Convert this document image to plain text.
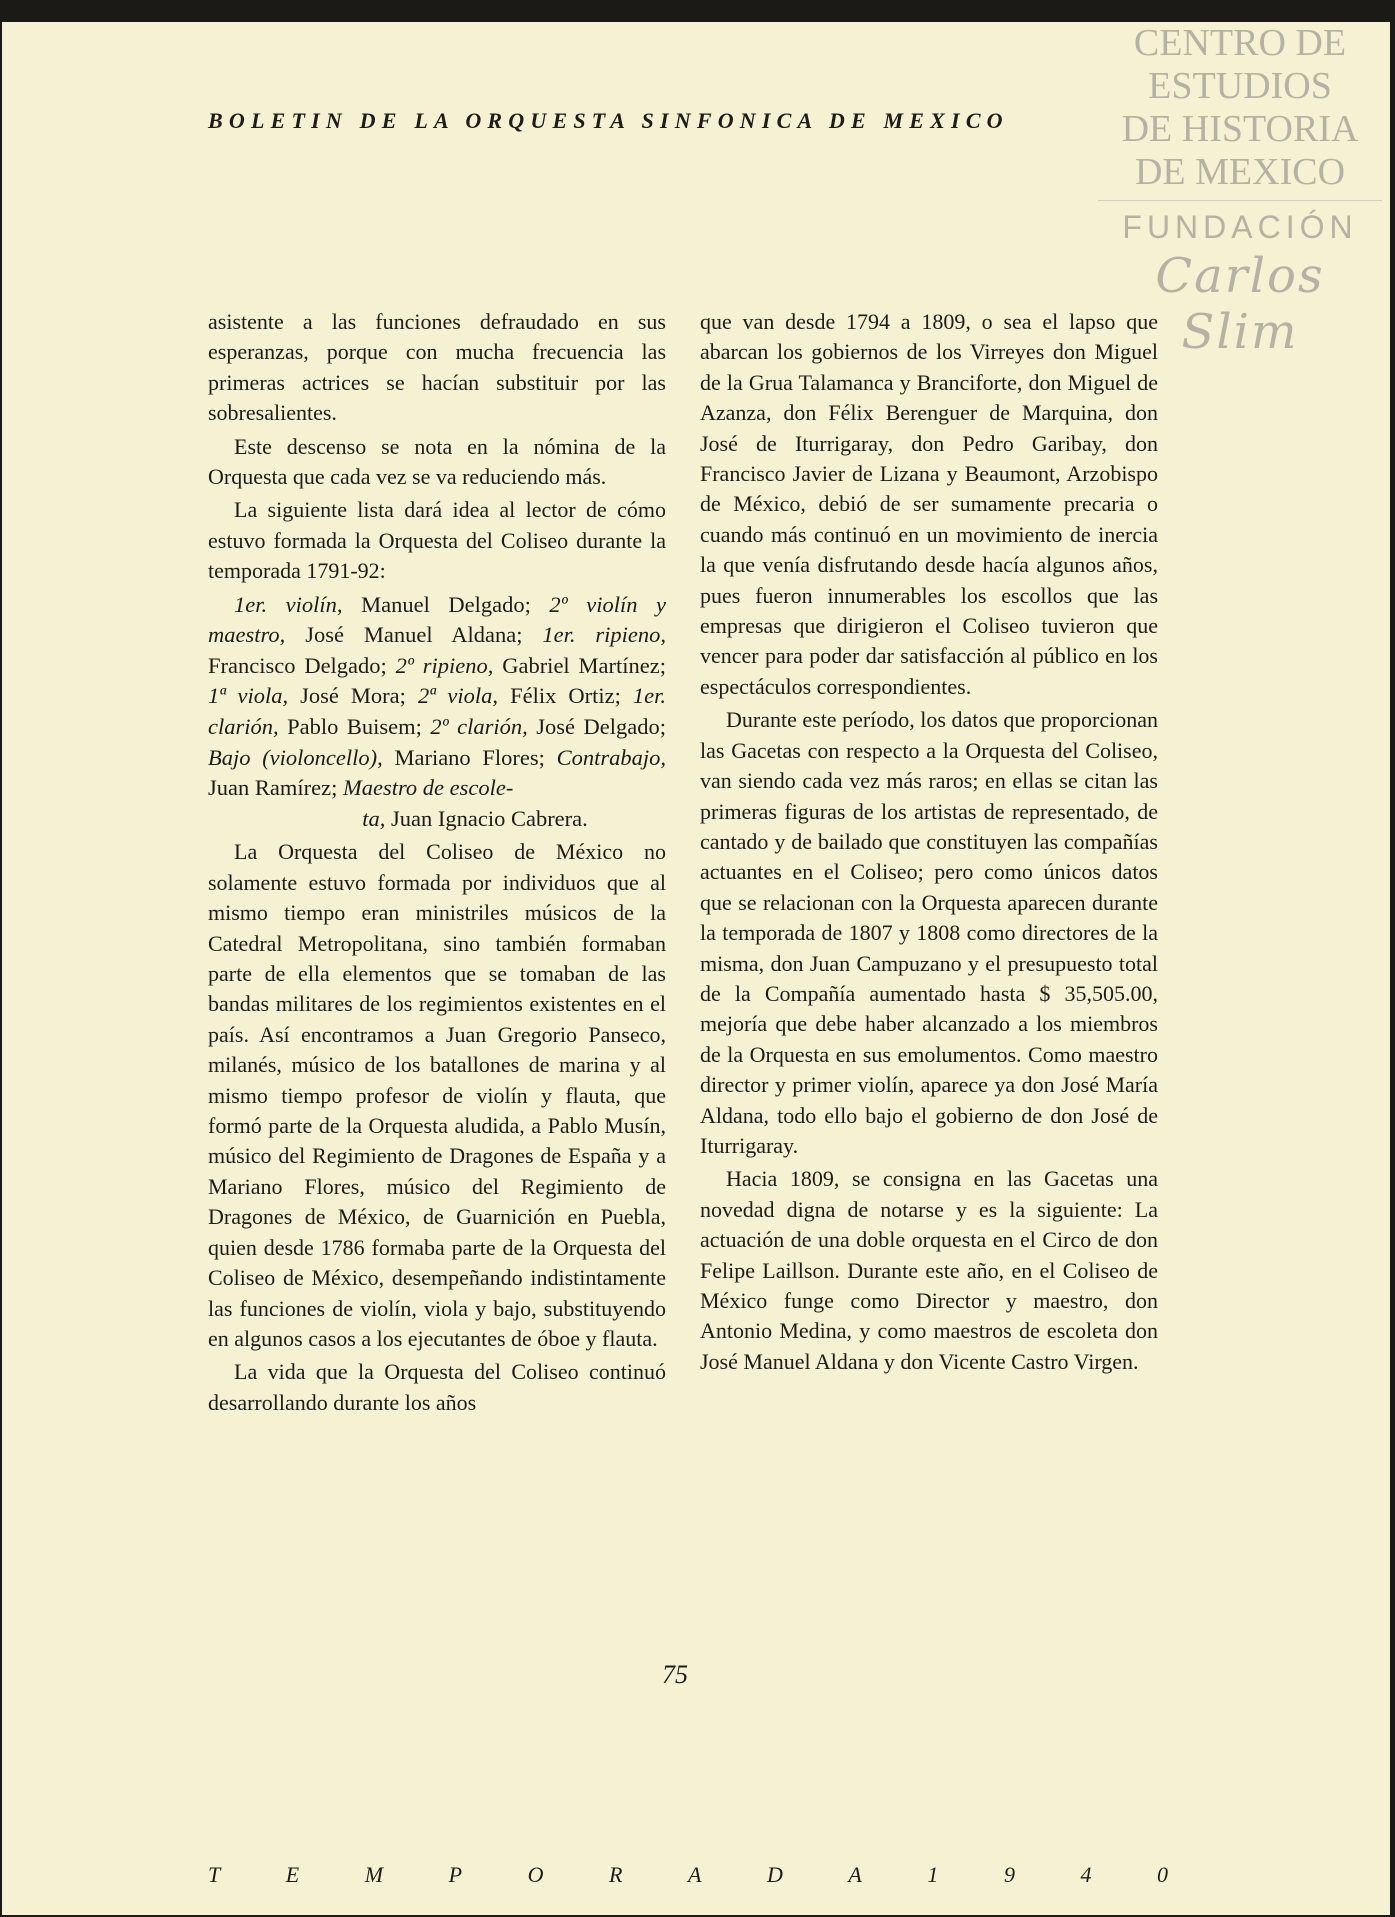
BOLETIN DE LA ORQUESTA SINFONICA DE MEXICO
CENTRO DE
ESTUDIOS
DE HISTORIA
DE MEXICO
FUNDACIÓN
Carlos Slim

asistente a las funciones defraudado en sus esperanzas, porque con mucha frecuencia las primeras actrices se hacían substituir por las sobresalientes.

Este descenso se nota en la nómina de la Orquesta que cada vez se va reduciendo más.

La siguiente lista dará idea al lector de cómo estuvo formada la Orquesta del Coliseo durante la temporada 1791-92:

1er. violín, Manuel Delgado; 2º violín y maestro, José Manuel Aldana; 1er. ripieno, Francisco Delgado; 2º ripieno, Gabriel Martínez; 1ª viola, José Mora; 2ª viola, Félix Ortiz; 1er. clarión, Pablo Buisem; 2º clarión, José Delgado; Bajo (violoncello), Mariano Flores; Contrabajo, Juan Ramírez; Maestro de escole-
ta, Juan Ignacio Cabrera.

La Orquesta del Coliseo de México no solamente estuvo formada por individuos que al mismo tiempo eran ministriles músicos de la Catedral Metropolitana, sino también formaban parte de ella elementos que se tomaban de las bandas militares de los regimientos existentes en el país. Así encontramos a Juan Gregorio Panseco, milanés, músico de los batallones de marina y al mismo tiempo profesor de violín y flauta, que formó parte de la Orquesta aludida, a Pablo Musín, músico del Regimiento de Dragones de España y a Mariano Flores, músico del Regimiento de Dragones de México, de Guarnición en Puebla, quien desde 1786 formaba parte de la Orquesta del Coliseo de México, desempeñando indistintamente las funciones de violín, viola y bajo, substituyendo en algunos casos a los ejecutantes de óboe y flauta.

La vida que la Orquesta del Coliseo continuó desarrollando durante los años

que van desde 1794 a 1809, o sea el lapso que abarcan los gobiernos de los Virreyes don Miguel de la Grua Talamanca y Branciforte, don Miguel de Azanza, don Félix Berenguer de Marquina, don José de Iturrigaray, don Pedro Garibay, don Francisco Javier de Lizana y Beaumont, Arzobispo de México, debió de ser sumamente precaria o cuando más continuó en un movimiento de inercia la que venía disfrutando desde hacía algunos años, pues fueron innumerables los escollos que las empresas que dirigieron el Coliseo tuvieron que vencer para poder dar satisfacción al público en los espectáculos correspondientes.

Durante este período, los datos que proporcionan las Gacetas con respecto a la Orquesta del Coliseo, van siendo cada vez más raros; en ellas se citan las primeras figuras de los artistas de representado, de cantado y de bailado que constituyen las compañías actuantes en el Coliseo; pero como únicos datos que se relacionan con la Orquesta aparecen durante la temporada de 1807 y 1808 como directores de la misma, don Juan Campuzano y el presupuesto total de la Compañía aumentado hasta $ 35,505.00, mejoría que debe haber alcanzado a los miembros de la Orquesta en sus emolumentos. Como maestro director y primer violín, aparece ya don José María Aldana, todo ello bajo el gobierno de don José de Iturrigaray.

Hacia 1809, se consigna en las Gacetas una novedad digna de notarse y es la siguiente: La actuación de una doble orquesta en el Circo de don Felipe Laillson. Durante este año, en el Coliseo de México funge como Director y maestro, don Antonio Medina, y como maestros de escoleta don José Manuel Aldana y don Vicente Castro Virgen.

75
T	E	M	P	O	R	A	D	A	1	9	4	0
